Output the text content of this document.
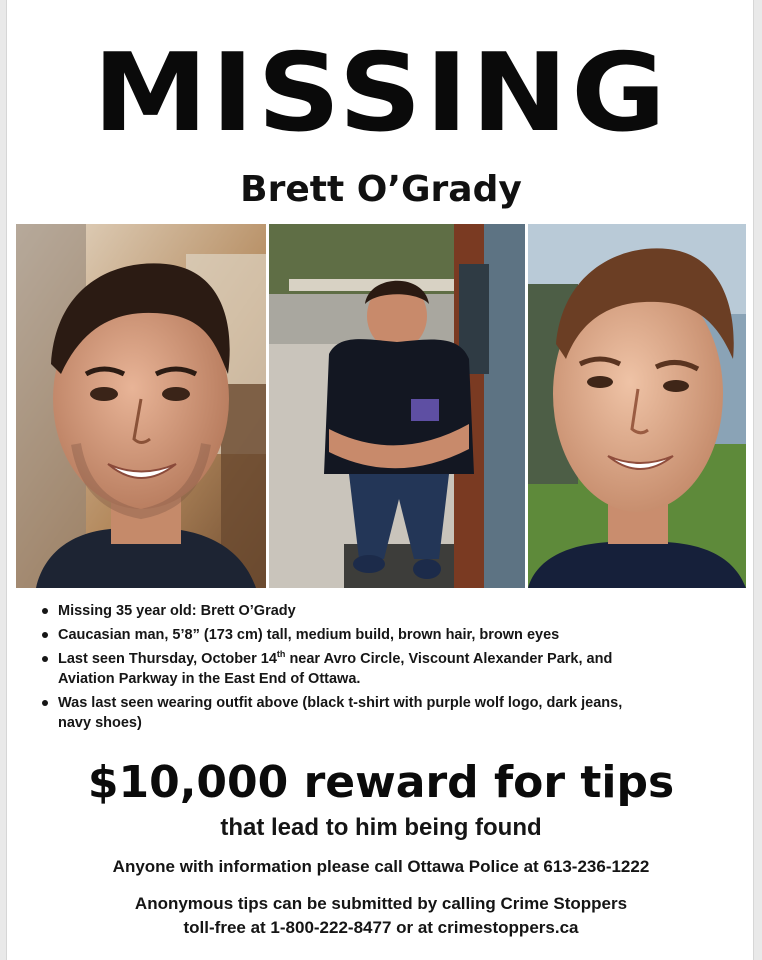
MISSING
Brett O’Grady
Missing 35 year old: Brett O’Grady
Caucasian man, 5’8” (173 cm) tall, medium build, brown hair, brown eyes
Last seen Thursday, October 14th near Avro Circle, Viscount Alexander Park, and
Aviation Parkway in the East End of Ottawa.
Was last seen wearing outfit above (black t-shirt with purple wolf logo, dark jeans,
navy shoes)
$10,000 reward for tips
that lead to him being found
Anyone with information please call Ottawa Police at 613-236-1222
Anonymous tips can be submitted by calling Crime Stoppers
toll-free at 1-800-222-8477 or at crimestoppers.ca
